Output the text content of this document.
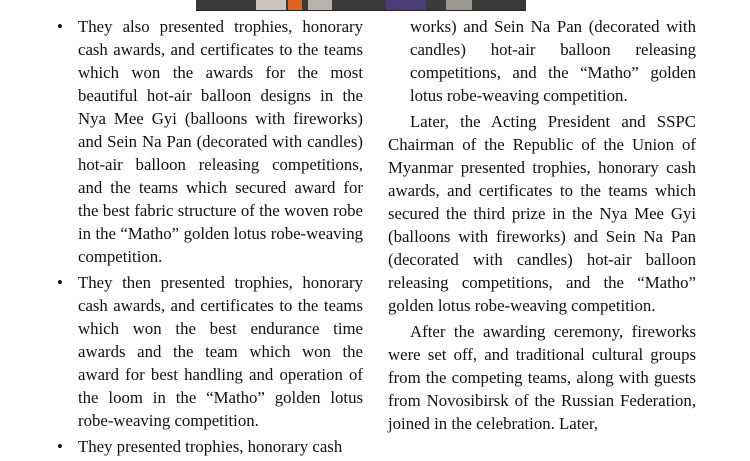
• They also presented trophies, honorary cash awards, and certificates to the teams which won the awards for the most beautiful hot-air balloon designs in the Nya Mee Gyi (balloons with fireworks) and Sein Na Pan (decorated with candles) hot-air balloon releasing competitions, and the teams which secured award for the best fabric structure of the woven robe in the “Matho” golden lotus robe-weaving competition.
• They then presented trophies, honorary cash awards, and certificates to the teams which won the best endurance time awards and the team which won the award for best handling and operation of the loom in the “Matho” golden lotus robe-weaving competition.
• They presented trophies, honorary cash
works) and Sein Na Pan (decorated with candles) hot-air balloon releasing competitions, and the “Matho” golden lotus robe-weaving competition.

Later, the Acting President and SSPC Chairman of the Republic of the Union of Myanmar presented trophies, honorary cash awards, and certificates to the teams which secured the third prize in the Nya Mee Gyi (balloons with fireworks) and Sein Na Pan (decorated with candles) hot-air balloon releasing competitions, and the “Matho” golden lotus robe-weaving competition.

After the awarding ceremony, fireworks were set off, and traditional cultural groups from the competing teams, along with guests from Novosibirsk of the Russian Federation, joined in the celebration. Later,
